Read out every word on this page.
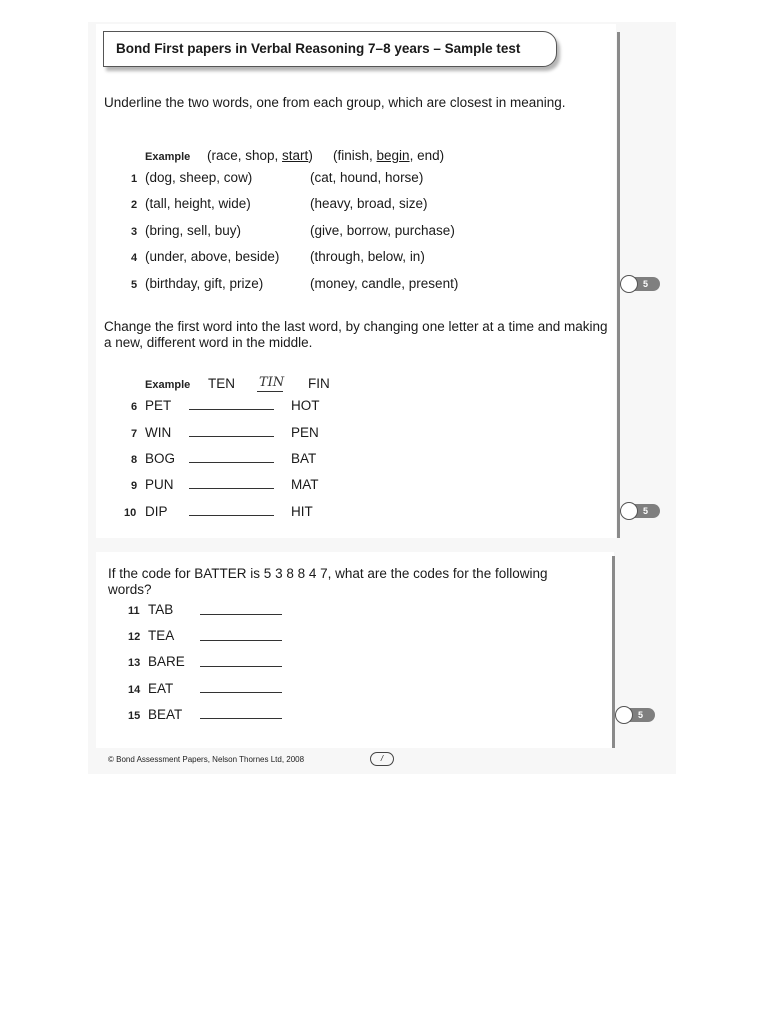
Bond First papers in Verbal Reasoning 7–8 years – Sample test
Underline the two words, one from each group, which are closest in meaning.
Example (race, shop, start) (finish, begin, end)
1 (dog, sheep, cow)	(cat, hound, horse)
2 (tall, height, wide)	(heavy, broad, size)
3 (bring, sell, buy)	(give, borrow, purchase)
4 (under, above, beside) (through, below, in)
5 (birthday, gift, prize)	(money, candle, present)	5
Change the first word into the last word, by changing one letter at a time and making a new, different word in the middle.
Example TEN TIN FIN
6 PET	HOT
7 WIN	PEN
8 BOG	BAT
9 PUN	MAT
10 DIP	HIT	5
If the code for BATTER is 5 3 8 8 4 7, what are the codes for the following words?
11 TAB
12 TEA
13 BARE
14 EAT
15 BEAT	5
© Bond Assessment Papers, Nelson Thornes Ltd, 2008	/
